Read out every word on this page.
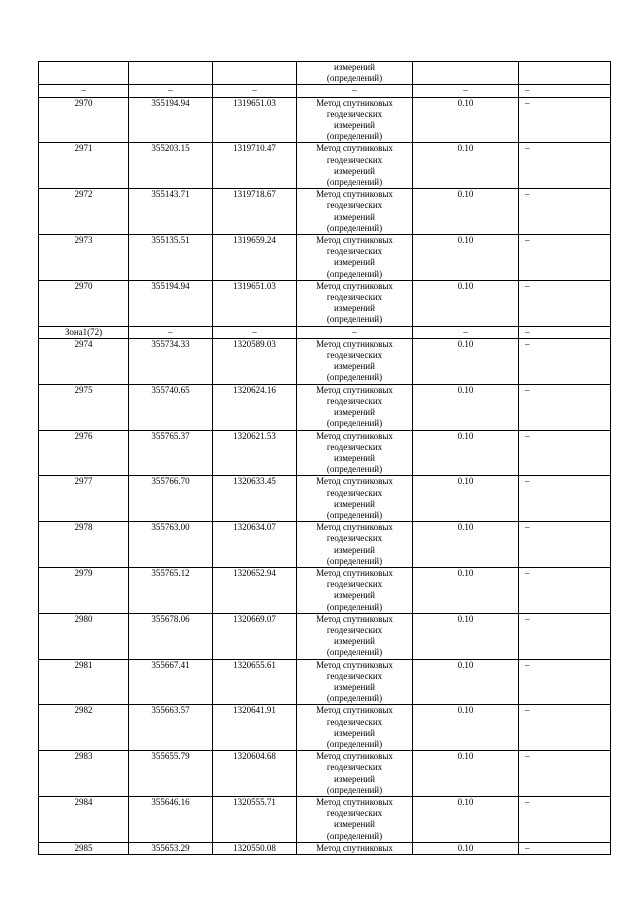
			измерений
(определений)		

–	–	–	–	–	–
2970	355194.94	1319651.03	Метод спутниковых
геодезических
измерений
(определений)	0.10	–
2971	355203.15	1319710.47	Метод спутниковых
геодезических
измерений
(определений)	0.10	–
2972	355143.71	1319718.67	Метод спутниковых
геодезических
измерений
(определений)	0.10	–
2973	355135.51	1319659.24	Метод спутниковых
геодезических
измерений
(определений)	0.10	–
2970	355194.94	1319651.03	Метод спутниковых
геодезических
измерений
(определений)	0.10	–
Зона1(72)	–	–	–	–	–
2974	355734.33	1320589.03	Метод спутниковых
геодезических
измерений
(определений)	0.10	–
2975	355740.65	1320624.16	Метод спутниковых
геодезических
измерений
(определений)	0.10	–
2976	355765.37	1320621.53	Метод спутниковых
геодезических
измерений
(определений)	0.10	–
2977	355766.70	1320633.45	Метод спутниковых
геодезических
измерений
(определений)	0.10	–
2978	355763.00	1320634.07	Метод спутниковых
геодезических
измерений
(определений)	0.10	–
2979	355765.12	1320652.94	Метод спутниковых
геодезических
измерений
(определений)	0.10	–
2980	355678.06	1320669.07	Метод спутниковых
геодезических
измерений
(определений)	0.10	–
2981	355667.41	1320655.61	Метод спутниковых
геодезических
измерений
(определений)	0.10	–
2982	355663.57	1320641.91	Метод спутниковых
геодезических
измерений
(определений)	0.10	–
2983	355655.79	1320604.68	Метод спутниковых
геодезических
измерений
(определений)	0.10	–
2984	355646.16	1320555.71	Метод спутниковых
геодезических
измерений
(определений)	0.10	–
2985	355653.29	1320550.08	Метод спутниковых	0.10	–
